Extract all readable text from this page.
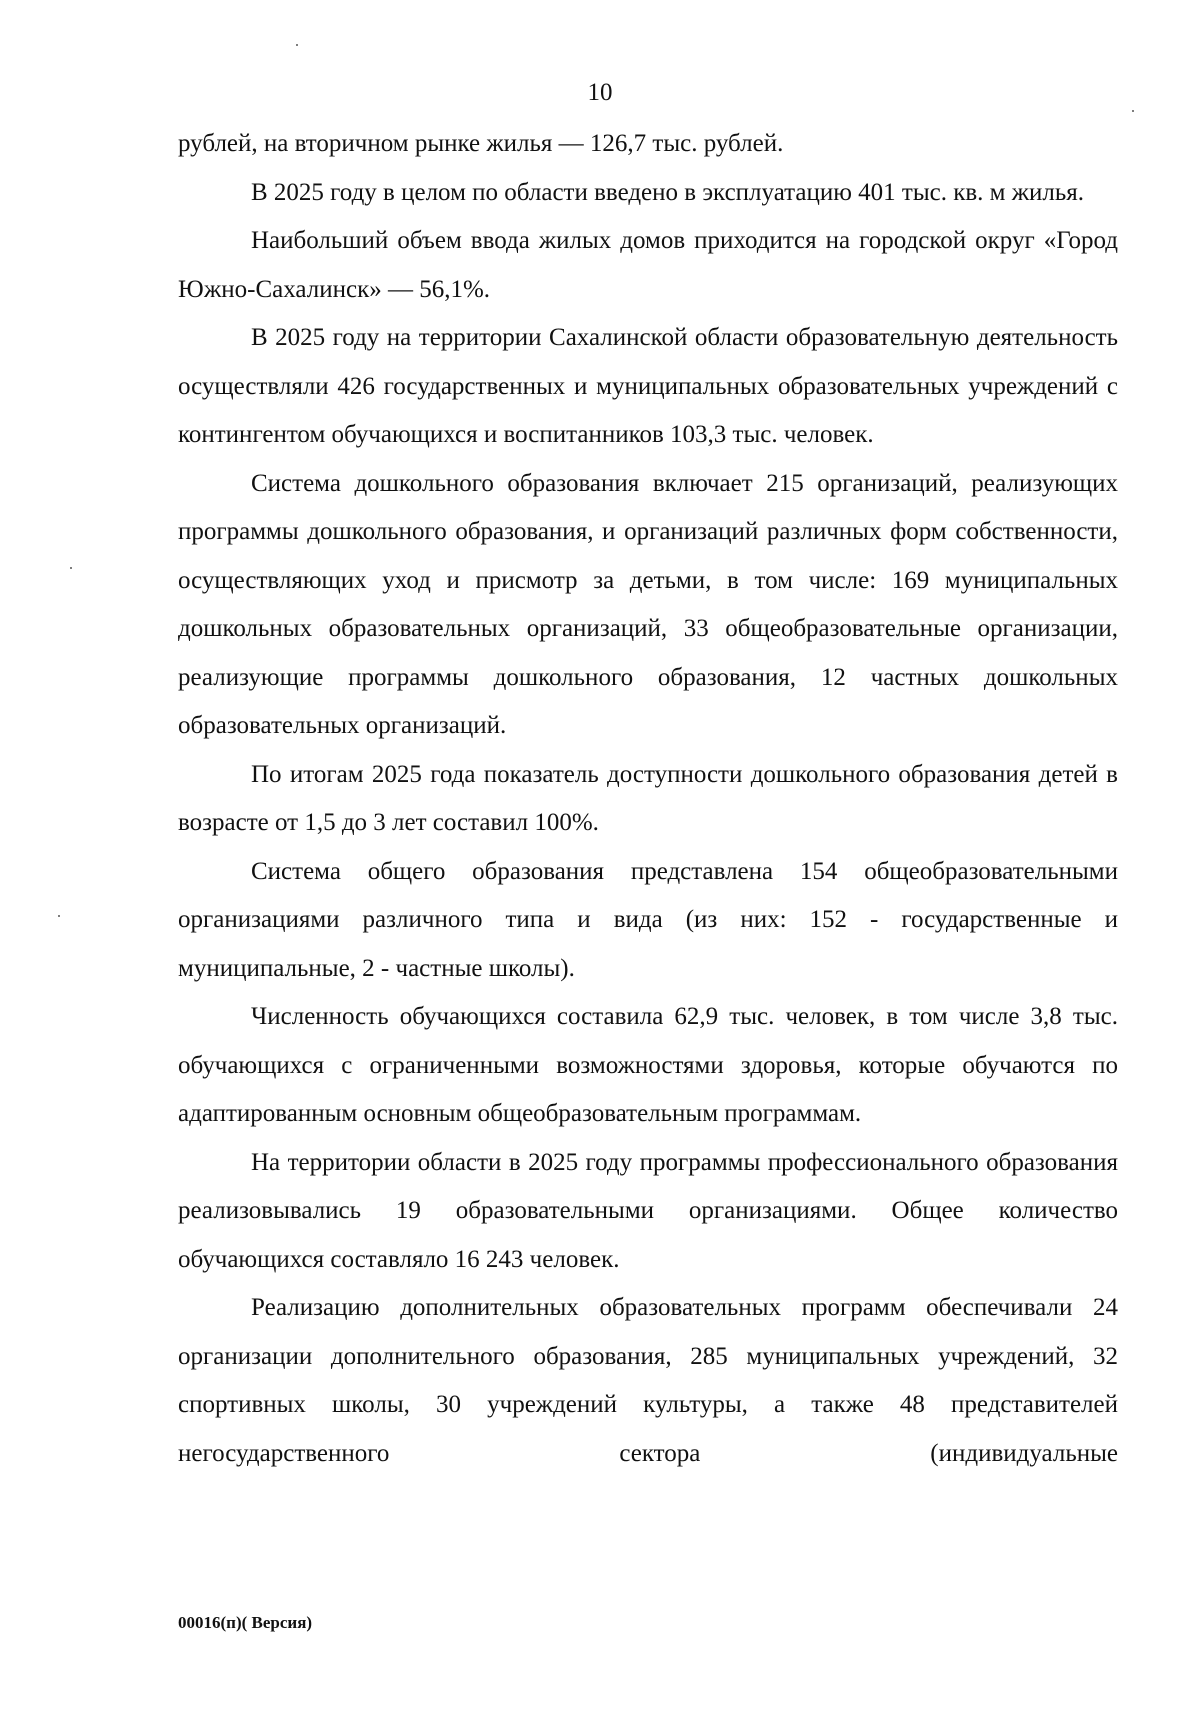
10

рублей, на вторичном рынке жилья — 126,7 тыс. рублей.

В 2025 году в целом по области введено в эксплуатацию 401 тыс. кв. м жилья.

Наибольший объем ввода жилых домов приходится на городской округ «Город Южно-Сахалинск» — 56,1%.

В 2025 году на территории Сахалинской области образовательную деятельность осуществляли 426 государственных и муниципальных образовательных учреждений с контингентом обучающихся и воспитанников 103,3 тыс. человек.

Система дошкольного образования включает 215 организаций, реализующих программы дошкольного образования, и организаций различных форм собственности, осуществляющих уход и присмотр за детьми, в том числе: 169 муниципальных дошкольных образовательных организаций, 33 общеобразовательные организации, реализующие программы дошкольного образования, 12 частных дошкольных образовательных организаций.

По итогам 2025 года показатель доступности дошкольного образования детей в возрасте от 1,5 до 3 лет составил 100%.

Система общего образования представлена 154 общеобразовательными организациями различного типа и вида (из них: 152 - государственные и муниципальные, 2 - частные школы).

Численность обучающихся составила 62,9 тыс. человек, в том числе 3,8 тыс. обучающихся с ограниченными возможностями здоровья, которые обучаются по адаптированным основным общеобразовательным программам.

На территории области в 2025 году программы профессионального образования реализовывались 19 образовательными организациями. Общее количество обучающихся составляло 16 243 человек.

Реализацию дополнительных образовательных программ обеспечивали 24 организации дополнительного образования, 285 муниципальных учреждений, 32 спортивных школы, 30 учреждений культуры, а также 48 представителей негосударственного сектора (индивидуальные

00016(п)( Версия)
